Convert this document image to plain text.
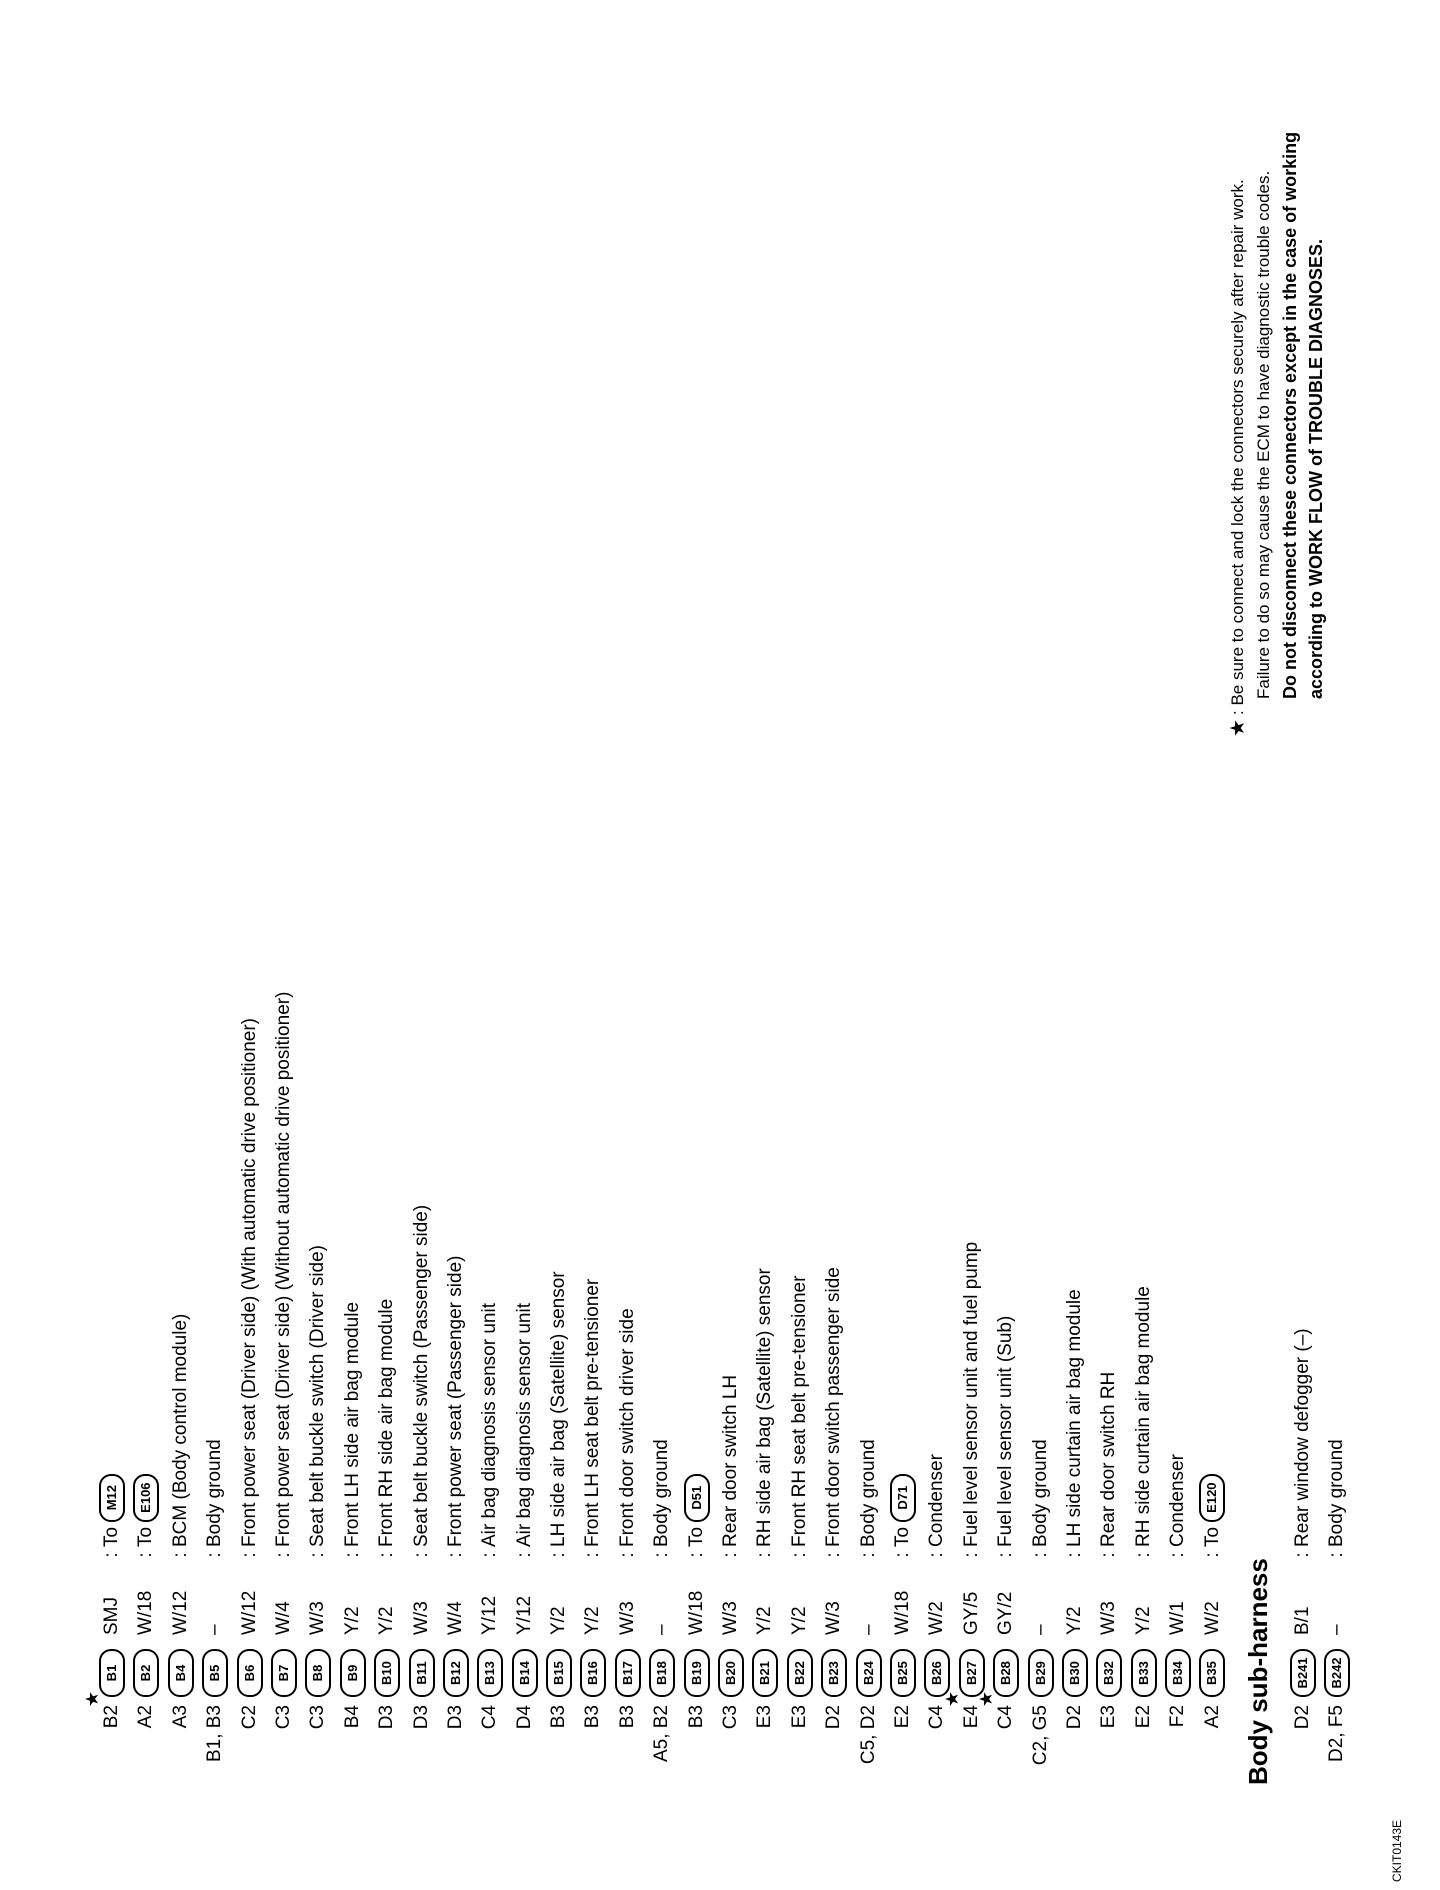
B2
★
B1SMJ:To M12
A2B2W/18:To E106
A3B4W/12:BCM (Body control module)
B1, B3B5–:Body ground
C2B6W/12:Front power seat (Driver side) (With automatic drive positioner)
C3B7W/4:Front power seat (Driver side) (Without automatic drive positioner)
C3B8W/3:Seat belt buckle switch (Driver side)
B4B9Y/2:Front LH side air bag module
D3B10Y/2:Front RH side air bag module
D3B11W/3:Seat belt buckle switch (Passenger side)
D3B12W/4:Front power seat (Passenger side)
C4B13Y/12:Air bag diagnosis sensor unit
D4B14Y/12:Air bag diagnosis sensor unit
B3B15Y/2:LH side air bag (Satellite) sensor
B3B16Y/2:Front LH seat belt pre-tensioner
B3B17W/3:Front door switch driver side
A5, B2B18–:Body ground
B3B19W/18:To D51
C3B20W/3:Rear door switch LH
E3B21Y/2:RH side air bag (Satellite) sensor
E3B22Y/2:Front RH seat belt pre-tensioner
D2B23W/3:Front door switch passenger side
C5, D2B24–:Body ground
E2B25W/18:To D71
C4B26W/2:Condenser
E4
★
B27GY/5:Fuel level sensor unit and fuel pump
C4
★
B28GY/2:Fuel level sensor unit (Sub)
C2, G5B29–:Body ground
D2B30Y/2:LH side curtain air bag module
E3B32W/3:Rear door switch RH
E2B33Y/2:RH side curtain air bag module
F2B34W/1:Condenser
A2B35W/2:To E120
Body sub-harness	D2B241B/1:Rear window defogger (–)
D2, F5B242–:Body ground
★
: Be sure to connect and lock the connectors securely after repair work. Failure to do so may cause the ECM to have diagnostic trouble codes. Do not disconnect these connectors except in the case of working according to WORK FLOW of TROUBLE DIAGNOSES.
CKIT0143E
